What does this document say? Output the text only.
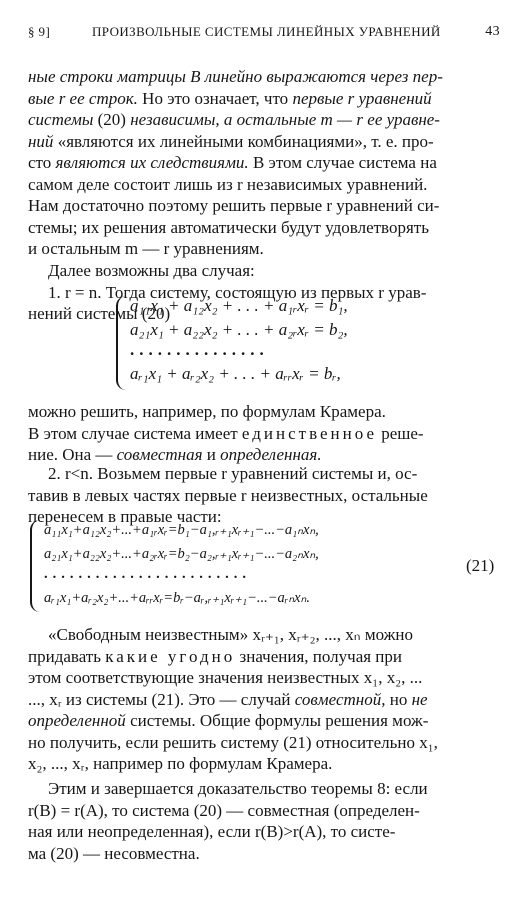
§ 9]	ПРОИЗВОЛЬНЫЕ СИСТЕМЫ ЛИНЕЙНЫХ УРАВНЕНИЙ	43
ные строки матрицы B линейно выражаются через пер-
вые r ее строк. Но это означает, что первые r уравнений
системы (20) независимы, а остальные m — r ее уравне-
ний «являются их линейными комбинациями», т. е. про-
сто являются их следствиями. В этом случае система на
самом деле состоит лишь из r независимых уравнений.
Нам достаточно поэтому решить первые r уравнений си-
стемы; их решения автоматически будут удовлетворять
и остальным m — r уравнениям.
Далее возможны два случая:
1. r = n. Тогда систему, состоящую из первых r урав-
нений системы (20)
a₁₁x₁ + a₁₂x₂ + . . . + a₁ᵣxᵣ = b₁,
a₂₁x₁ + a₂₂x₂ + . . . + a₂ᵣxᵣ = b₂,
...............
aᵣ₁x₁ + aᵣ₂x₂ + . . . + aᵣᵣxᵣ = bᵣ,
можно решить, например, по формулам Крамера.
В этом случае система имеет единственное реше-
ние. Она — совместная и определенная.
2. r<n. Возьмем первые r уравнений системы и, ос-
тавив в левых частях первые r неизвестных, остальные
перенесем в правые части:
a₁₁x₁+a₁₂x₂+...+a₁ᵣxᵣ=b₁−a₁,ᵣ₊₁xᵣ₊₁−...−a₁ₙxₙ,
a₂₁x₁+a₂₂x₂+...+a₂ᵣxᵣ=b₂−a₂,ᵣ₊₁xᵣ₊₁−...−a₂ₙxₙ,
........................
aᵣ₁x₁+aᵣ₂x₂+...+aᵣᵣxᵣ=bᵣ−aᵣ,ᵣ₊₁xᵣ₊₁−...−aᵣₙxₙ.
(21)
«Свободным неизвестным» xᵣ₊₁, xᵣ₊₂, ..., xₙ можно
придавать какие угодно значения, получая при
этом соответствующие значения неизвестных x₁, x₂, ...
..., xᵣ из системы (21). Это — случай совместной, но не
определенной системы. Общие формулы решения мож-
но получить, если решить систему (21) относительно x₁,
x₂, ..., xᵣ, например по формулам Крамера.
Этим и завершается доказательство теоремы 8: если
r(B) = r(A), то система (20) — совместная (определен-
ная или неопределенная), если r(B)>r(A), то систе-
ма (20) — несовместна.
